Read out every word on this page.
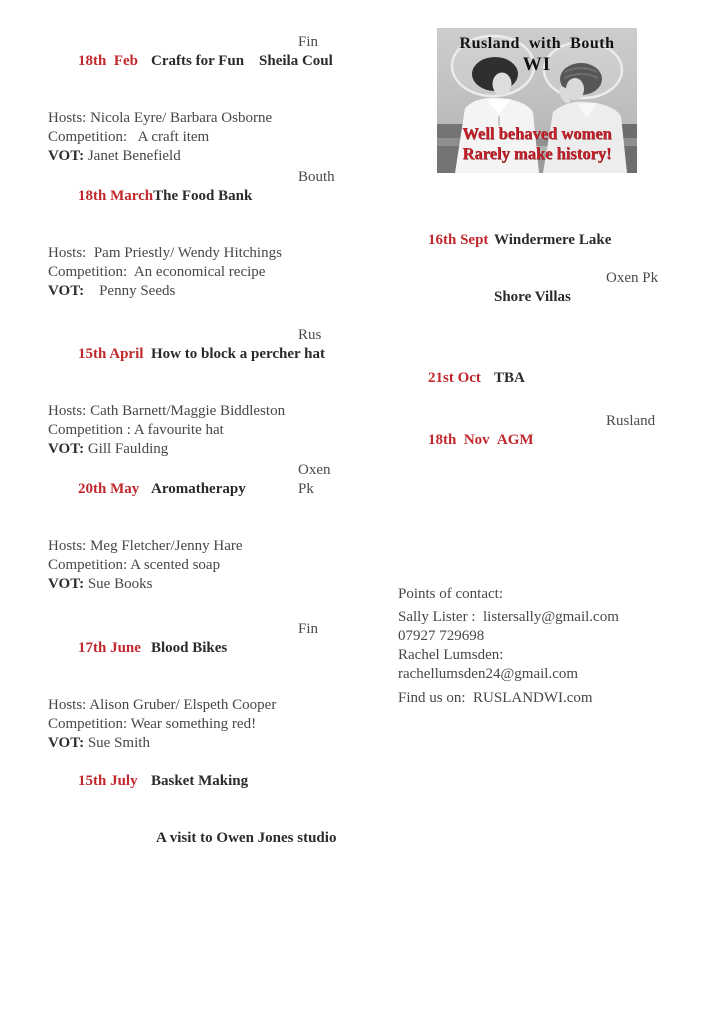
18th  Feb Crafts for Fun    Sheila Coul

Fin

Hosts: Nicola Eyre/ Barbara Osborne
Competition:   A craft item
VOT: Janet Benefield

18th MarchThe Food Bank

Bouth

Hosts:  Pam Priestly/ Wendy Hitchings
Competition:  An economical recipe
VOT:    Penny Seeds

15th April How to block a percher hat

Rus

Hosts: Cath Barnett/Maggie Biddleston
Competition : A favourite hat
VOT: Gill Faulding

20th May Aromatherapy

Oxen Pk

Hosts: Meg Fletcher/Jenny Hare
Competition: A scented soap
VOT: Sue Books

17th June Blood Bikes

Fin

Hosts: Alison Gruber/ Elspeth Cooper
Competition: Wear something red!
VOT: Sue Smith

15th July Basket Making

A visit to Owen Jones studio

Rusland  with  Bouth
WI
Well behaved women
Rarely make history!

16th Sept Windermere Lake

Shore Villas

Oxen Pk

21st Oct TBA

18th  Nov AGM

Rusland

Points of contact:
Sally Lister :  listersally@gmail.com
07927 729698
Rachel Lumsden:
rachellumsden24@gmail.com
Find us on:  RUSLANDWI.com
